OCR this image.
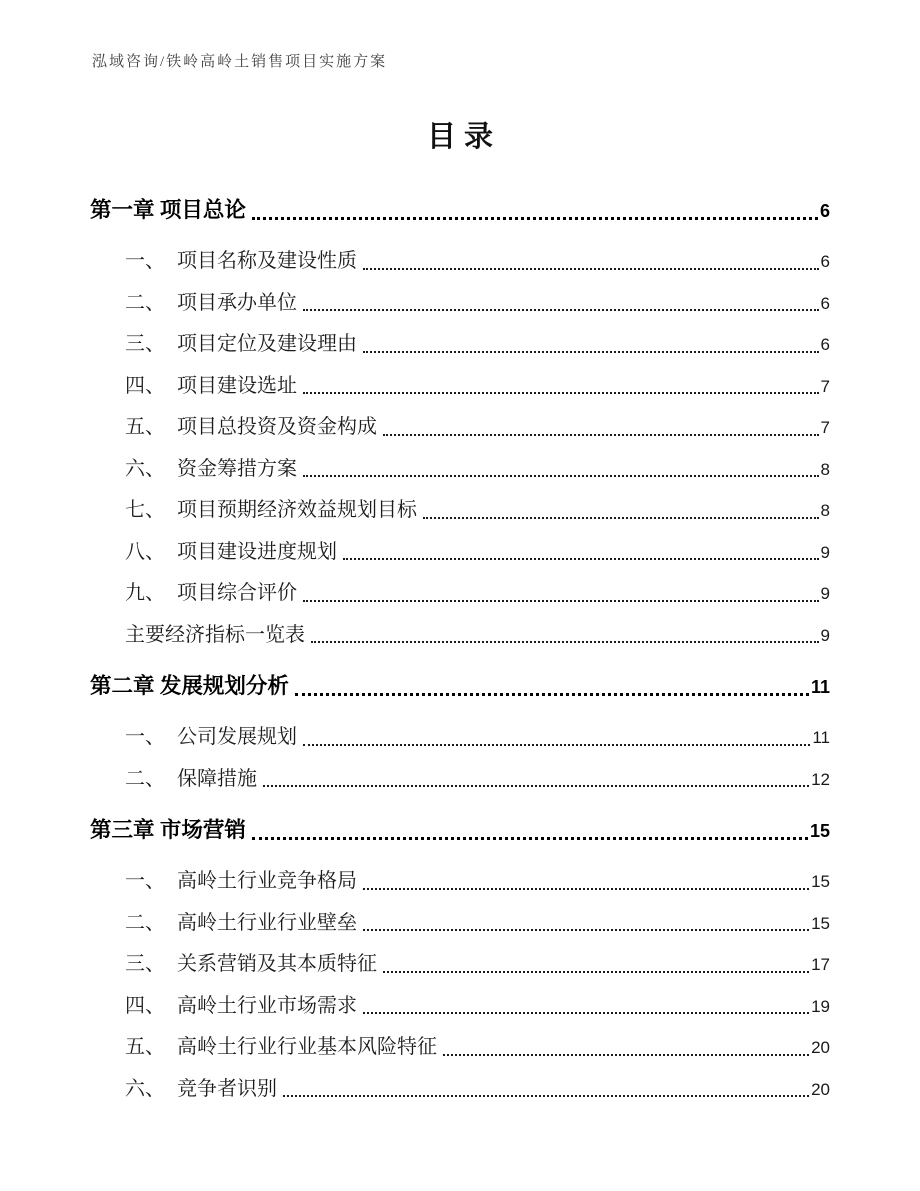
泓域咨询/铁岭高岭土销售项目实施方案
目录
第一章 项目总论	6
一、 项目名称及建设性质	6
二、 项目承办单位	6
三、 项目定位及建设理由	6
四、 项目建设选址	7
五、 项目总投资及资金构成	7
六、 资金筹措方案	8
七、 项目预期经济效益规划目标	8
八、 项目建设进度规划	9
九、 项目综合评价	9
主要经济指标一览表	9
第二章 发展规划分析	11
一、 公司发展规划	11
二、 保障措施	12
第三章 市场营销	15
一、 高岭土行业竞争格局	15
二、 高岭土行业行业壁垒	15
三、 关系营销及其本质特征	17
四、 高岭土行业市场需求	19
五、 高岭土行业行业基本风险特征	20
六、 竞争者识别	20
